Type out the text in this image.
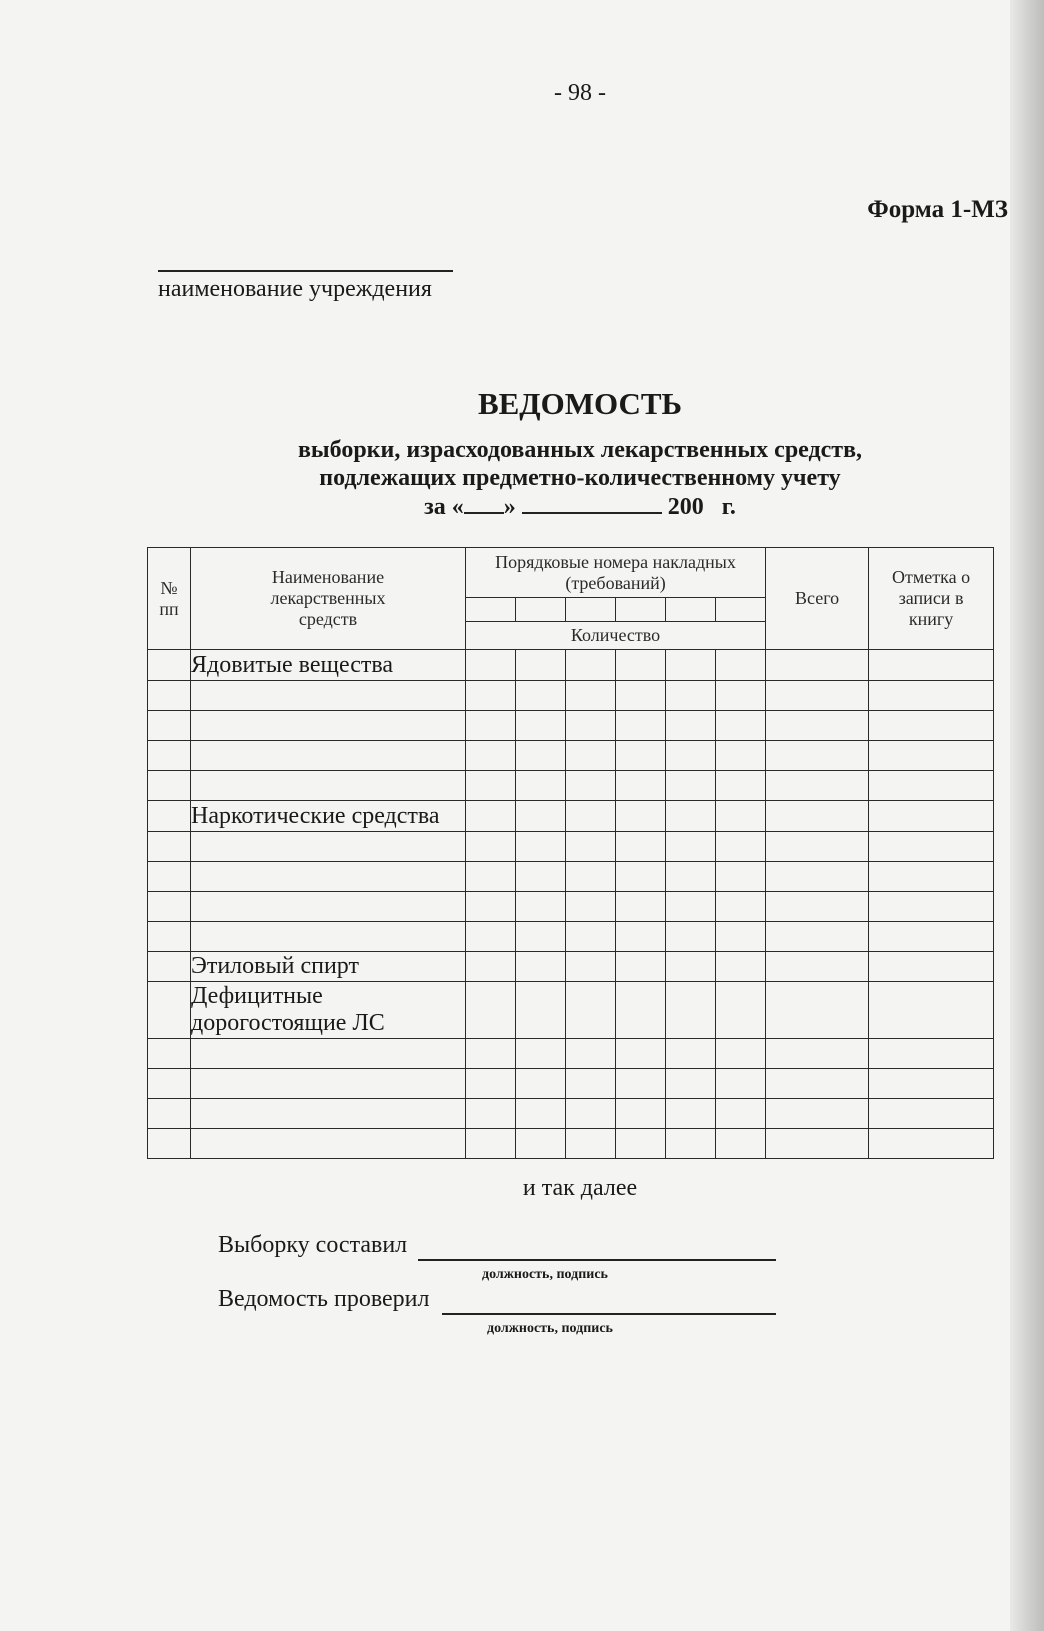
- 98 -
Форма 1-МЗ
наименование учреждения
ВЕДОМОСТЬ
выборки, израсходованных лекарственных средств,
подлежащих предметно-количественному учету
за « »	200 г.
№ пп	Наименование лекарственных средств	Порядковые номера накладных (требований)						Всего	Отметка о записи в книгу

		Количество							
	Ядовитые вещества								

	Наркотические средства								

	Этиловый спирт								
	Дефицитные дорогостоящие ЛС								

и так далее
Выборку составил
должность, подпись
Ведомость проверил
должность, подпись
